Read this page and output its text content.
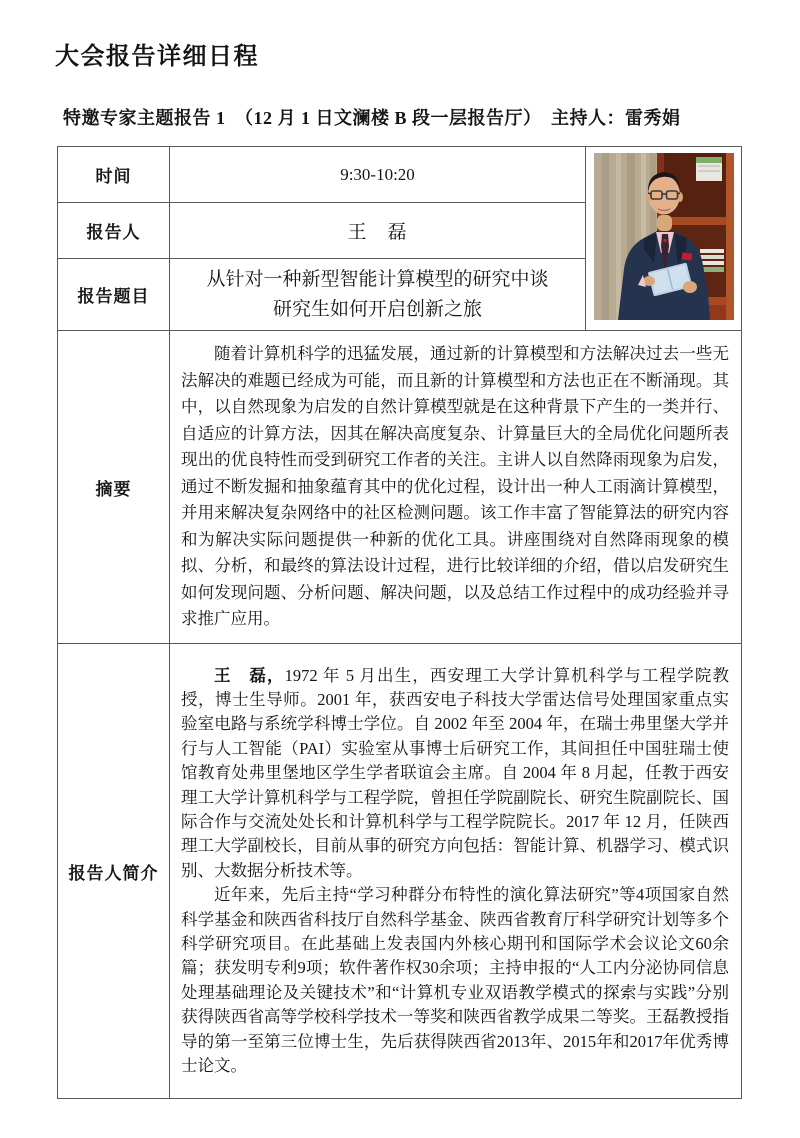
大会报告详细日程
特邀专家主题报告 1　（12 月 1 日文澜楼 B 段一层报告厅）　主持人：雷秀娟
时间	9:30-10:20	
报告人	王　磊	
报告题目	从针对一种新型智能计算模型的研究中谈
研究生如何开启创新之旅	

摘要	随着计算机科学的迅猛发展，通过新的计算模型和方法解决过去一些无法解决的难题已经成为可能，而且新的计算模型和方法也正在不断涌现。其中，以自然现象为启发的自然计算模型就是在这种背景下产生的一类并行、自适应的计算方法，因其在解决高度复杂、计算量巨大的全局优化问题所表现出的优良特性而受到研究工作者的关注。主讲人以自然降雨现象为启发，通过不断发掘和抽象蕴育其中的优化过程，设计出一种人工雨滴计算模型，并用来解决复杂网络中的社区检测问题。该工作丰富了智能算法的研究内容和为解决实际问题提供一种新的优化工具。讲座围绕对自然降雨现象的模拟、分析，和最终的算法设计过程，进行比较详细的介绍，借以启发研究生如何发现问题、分析问题、解决问题，以及总结工作过程中的成功经验并寻求推广应用。	

报告人简介	王　磊，1972 年 5 月出生，西安理工大学计算机科学与工程学院教授，博士生导师。2001 年，获西安电子科技大学雷达信号处理国家重点实验室电路与系统学科博士学位。自 2002 年至 2004 年，在瑞士弗里堡大学并行与人工智能（PAI）实验室从事博士后研究工作，其间担任中国驻瑞士使馆教育处弗里堡地区学生学者联谊会主席。自 2004 年 8 月起，任教于西安理工大学计算机科学与工程学院，曾担任学院副院长、研究生院副院长、国际合作与交流处处长和计算机科学与工程学院院长。2017 年 12 月，任陕西理工大学副校长，目前从事的研究方向包括：智能计算、机器学习、模式识别、大数据分析技术等。

近年来，先后主持“学习种群分布特性的演化算法研究”等4项国家自然科学基金和陕西省科技厅自然科学基金、陕西省教育厅科学研究计划等多个科学研究项目。在此基础上发表国内外核心期刊和国际学术会议论文60余篇；获发明专利9项；软件著作权30余项；主持申报的“人工内分泌协同信息处理基础理论及关键技术”和“计算机专业双语教学模式的探索与实践”分别获得陕西省高等学校科学技术一等奖和陕西省教学成果二等奖。王磊教授指导的第一至第三位博士生，先后获得陕西省2013年、2015年和2017年优秀博士论文。	
